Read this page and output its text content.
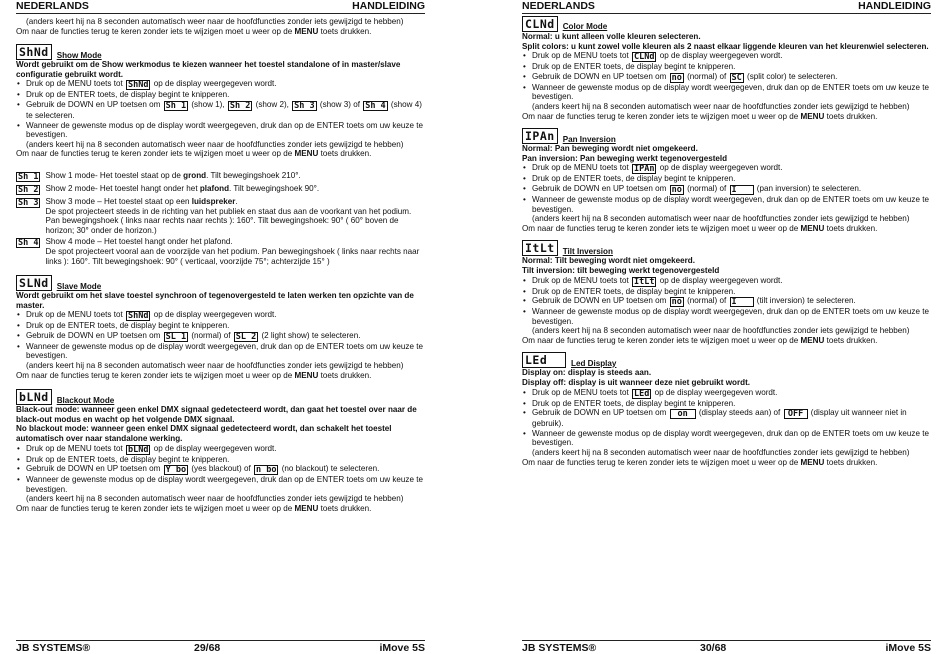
NEDERLANDS	HANDLEIDING
(anders keert hij na 8 seconden automatisch weer naar de hoofdfuncties zonder iets gewijzigd te hebben)
Om naar de functies terug te keren zonder iets te wijzigen moet u weer op de MENU toets drukken.
ShNd Show Mode
Wordt gebruikt om de Show werkmodus te kiezen wanneer het toestel standalone of in master/slave configuratie gebruikt wordt.
• Druk op de MENU toets tot ShNd op de display weergegeven wordt.
• Druk op de ENTER toets, de display begint te knipperen.
• Gebruik de DOWN en UP toetsen om Sh 1 (show 1), Sh 2 (show 2), Sh 3 (show 3) of Sh 4 (show 4) te selecteren.
• Wanneer de gewenste modus op de display wordt weergegeven, druk dan op de ENTER toets om uw keuze te bevestigen.
(anders keert hij na 8 seconden automatisch weer naar de hoofdfuncties zonder iets gewijzigd te hebben)
Om naar de functies terug te keren zonder iets te wijzigen moet u weer op de MENU toets drukken.
Sh 1 Show 1 mode- Het toestel staat op de grond. Tilt bewegingshoek 210°.
Sh 2 Show 2 mode- Het toestel hangt onder het plafond. Tilt bewegingshoek 90°.
Sh 3 Show 3 mode – Het toestel staat op een luidspreker.
De spot projecteert steeds in de richting van het publiek en staat dus aan de voorkant van het podium. Pan bewegingshoek ( links naar rechts naar rechts ): 160°. Tilt bewegingshoek: 90° ( 60° boven de horizon; 30° onder de horizon.)
Sh 4 Show 4 mode – Het toestel hangt onder het plafond.
De spot projecteert vooral aan de voorzijde van het podium. Pan bewegingshoek ( links naar rechts naar links ): 160°. Tilt bewegingshoek: 90° ( verticaal, voorzijde 75°; achterzijde 15° )
SLNd Slave Mode
Wordt gebruikt om het slave toestel synchroon of tegenovergesteld te laten werken ten opzichte van de master.
• Druk op de MENU toets tot ShNd op de display weergegeven wordt.
• Druk op de ENTER toets, de display begint te knipperen.
• Gebruik de DOWN en UP toetsen om SL 1 (normal) of SL 2 (2 light show) te selecteren.
• Wanneer de gewenste modus op de display wordt weergegeven, druk dan op de ENTER toets om uw keuze te bevestigen.
(anders keert hij na 8 seconden automatisch weer naar de hoofdfuncties zonder iets gewijzigd te hebben)
Om naar de functies terug te keren zonder iets te wijzigen moet u weer op de MENU toets drukken.
bLNd Blackout Mode
Black-out mode: wanneer geen enkel DMX signaal gedetecteerd wordt, dan gaat het toestel over naar de black-out modus en wacht op het volgende DMX signaal.
No blackout mode: wanneer geen enkel DMX signaal gedetecteerd wordt, dan schakelt het toestel automatisch over naar standalone werking.
• Druk op de MENU toets tot bLNd op de display weergegeven wordt.
• Druk op de ENTER toets, de display begint te knipperen.
• Gebruik de DOWN en UP toetsen om Y bo (yes blackout) of n bo (no blackout) te selecteren.
• Wanneer de gewenste modus op de display wordt weergegeven, druk dan op de ENTER toets om uw keuze te bevestigen.
(anders keert hij na 8 seconden automatisch weer naar de hoofdfuncties zonder iets gewijzigd te hebben)
Om naar de functies terug te keren zonder iets te wijzigen moet u weer op de MENU toets drukken.
JB SYSTEMS®	29/68	iMove 5S
NEDERLANDS	HANDLEIDING
CLNd Color Mode
Normal: u kunt alleen volle kleuren selecteren.
Split colors: u kunt zowel volle kleuren als 2 naast elkaar liggende kleuren van het kleurenwiel selecteren.
• Druk op de MENU toets tot CLNd op de display weergegeven wordt.
• Druk op de ENTER toets, de display begint te knipperen.
• Gebruik de DOWN en UP toetsen om no (normal) of SC (split color) te selecteren.
• Wanneer de gewenste modus op de display wordt weergegeven, druk dan op de ENTER toets om uw keuze te bevestigen.
(anders keert hij na 8 seconden automatisch weer naar de hoofdfuncties zonder iets gewijzigd te hebben)
Om naar de functies terug te keren zonder iets te wijzigen moet u weer op de MENU toets drukken.
IPAn Pan Inversion
Normal: Pan beweging wordt niet omgekeerd.
Pan inversion: Pan beweging werkt tegenovergesteld
• Druk op de MENU toets tot IPAn op de display weergegeven wordt.
• Druk op de ENTER toets, de display begint te knipperen.
• Gebruik de DOWN en UP toetsen om no (normal) of I (pan inversion) te selecteren.
• Wanneer de gewenste modus op de display wordt weergegeven, druk dan op de ENTER toets om uw keuze te bevestigen.
(anders keert hij na 8 seconden automatisch weer naar de hoofdfuncties zonder iets gewijzigd te hebben)
Om naar de functies terug te keren zonder iets te wijzigen moet u weer op de MENU toets drukken.
ItLt Tilt Inversion
Normal: Tilt beweging wordt niet omgekeerd.
Tilt inversion: tilt beweging werkt tegenovergesteld
• Druk op de MENU toets tot ItLt op de display weergegeven wordt.
• Druk op de ENTER toets, de display begint te knipperen.
• Gebruik de DOWN en UP toetsen om no (normal) of I (tilt inversion) te selecteren.
• Wanneer de gewenste modus op de display wordt weergegeven, druk dan op de ENTER toets om uw keuze te bevestigen.
(anders keert hij na 8 seconden automatisch weer naar de hoofdfuncties zonder iets gewijzigd te hebben)
Om naar de functies terug te keren zonder iets te wijzigen moet u weer op de MENU toets drukken.
LEd	Led Display
Display on: display is steeds aan.
Display off: display is uit wanneer deze niet gebruikt wordt.
• Druk op de MENU toets tot LEd op de display weergegeven wordt.
• Druk op de ENTER toets, de display begint te knipperen.
• Gebruik de DOWN en UP toetsen om on (display steeds aan) of OFF (display uit wanneer niet in gebruik).
• Wanneer de gewenste modus op de display wordt weergegeven, druk dan op de ENTER toets om uw keuze te bevestigen.
(anders keert hij na 8 seconden automatisch weer naar de hoofdfuncties zonder iets gewijzigd te hebben)
Om naar de functies terug te keren zonder iets te wijzigen moet u weer op de MENU toets drukken.
JB SYSTEMS®	30/68	iMove 5S
